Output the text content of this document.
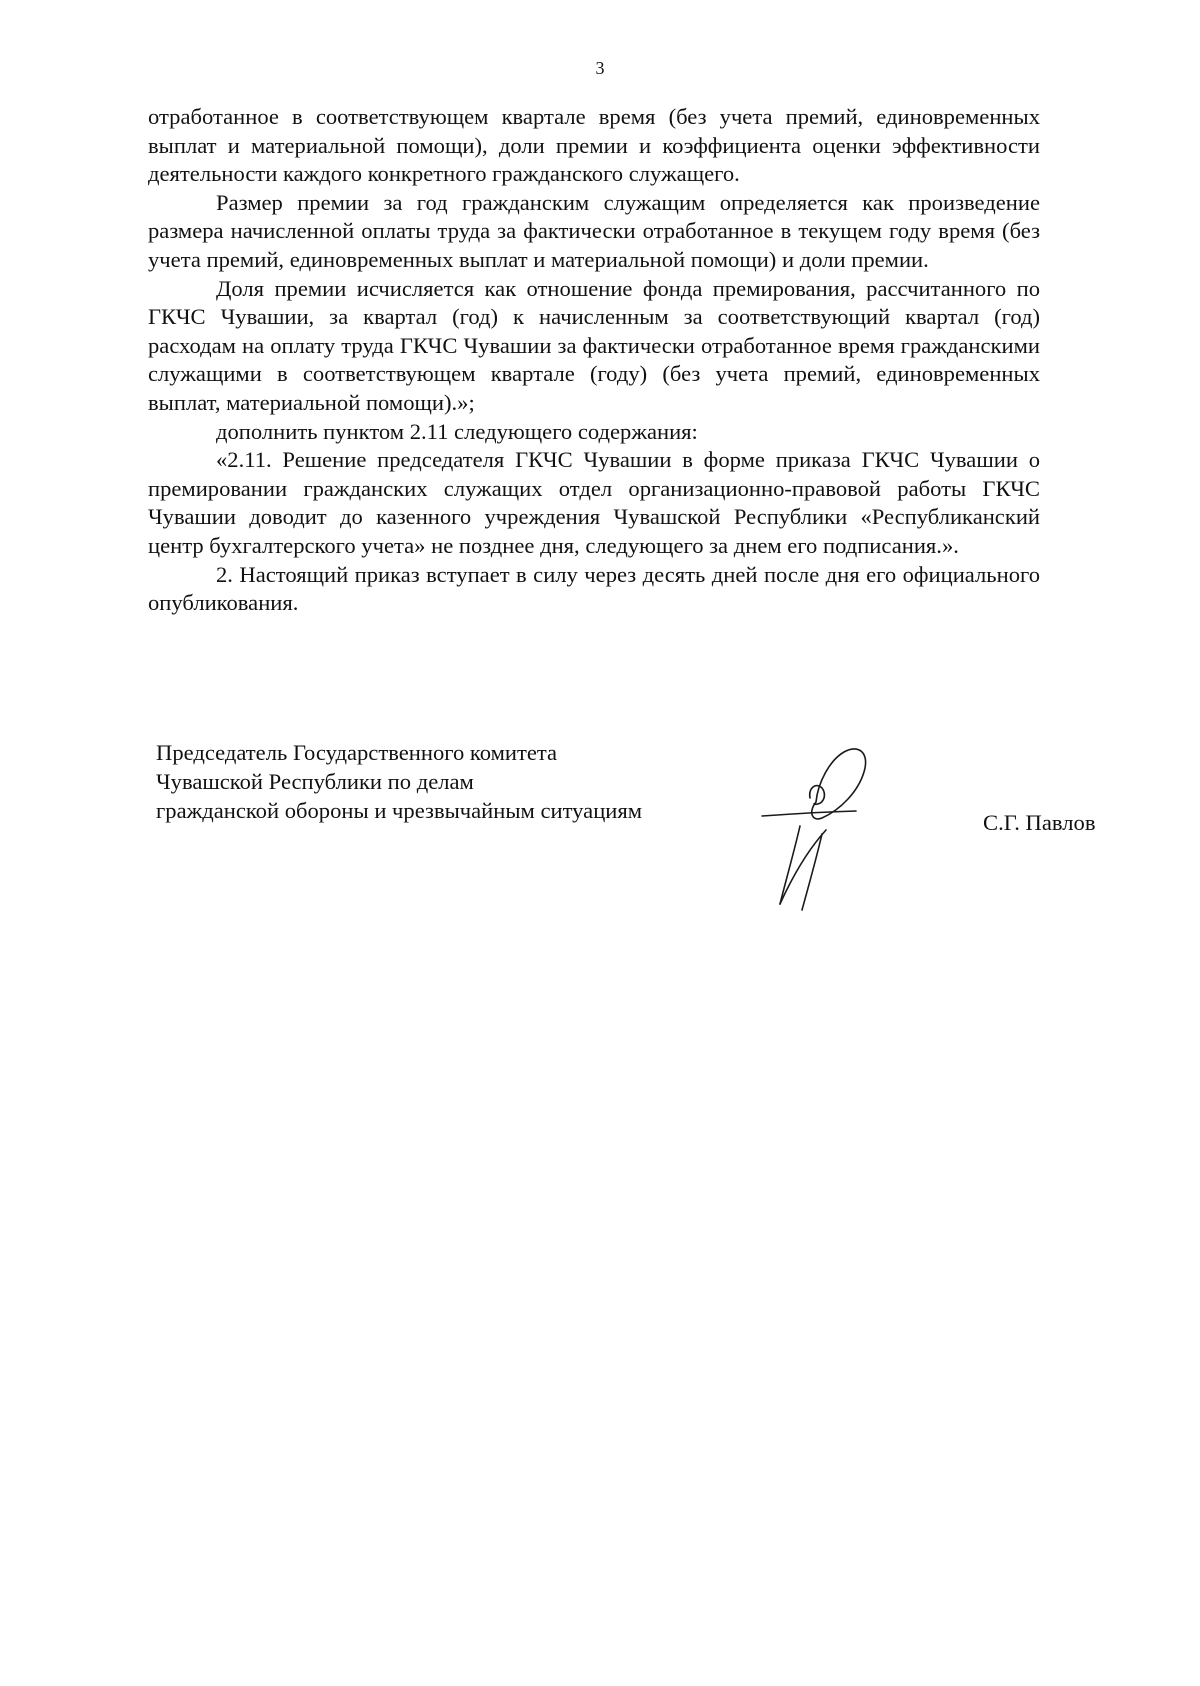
3

отработанное в соответствующем квартале время (без учета премий, единовременных выплат и материальной помощи), доли премии и коэффициента оценки эффективности деятельности каждого конкретного гражданского служащего.

Размер премии за год гражданским служащим определяется как произведение размера начисленной оплаты труда за фактически отработанное в текущем году время (без учета премий, единовременных выплат и материальной помощи) и доли премии.

Доля премии исчисляется как отношение фонда премирования, рассчитанного по ГКЧС Чувашии, за квартал (год) к начисленным за соответствующий квартал (год) расходам на оплату труда ГКЧС Чувашии за фактически отработанное время гражданскими служащими в соответствующем квартале (году) (без учета премий, единовременных выплат, материальной помощи).»;

дополнить пунктом 2.11 следующего содержания:

«2.11. Решение председателя ГКЧС Чувашии в форме приказа ГКЧС Чувашии о премировании гражданских служащих отдел организационно-правовой работы ГКЧС Чувашии доводит до казенного учреждения Чувашской Республики «Республиканский центр бухгалтерского учета» не позднее дня, следующего за днем его подписания.».

2. Настоящий приказ вступает в силу через десять дней после дня его официального опубликования.

Председатель Государственного комитета
Чувашской Республики по делам
гражданской обороны и чрезвычайным ситуациям	С.Г. Павлов
